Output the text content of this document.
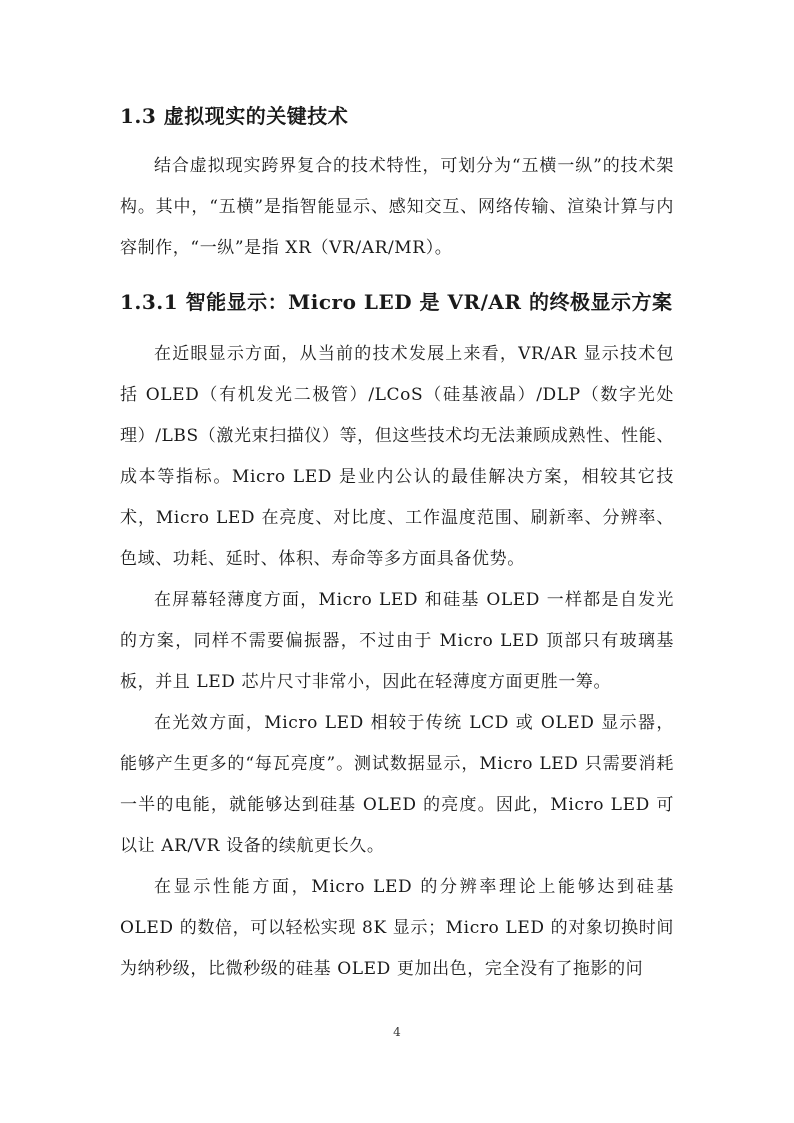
1.3 虚拟现实的关键技术

结合虚拟现实跨界复合的技术特性，可划分为“五横一纵”的技术架构。其中，“五横”是指智能显示、感知交互、网络传输、渲染计算与内容制作，“一纵”是指 XR（VR/AR/MR）。

1.3.1 智能显示：Micro LED 是 VR/AR 的终极显示方案

在近眼显示方面，从当前的技术发展上来看，VR/AR 显示技术包括 OLED（有机发光二极管）/LCoS（硅基液晶）/DLP（数字光处理）/LBS（激光束扫描仪）等，但这些技术均无法兼顾成熟性、性能、成本等指标。Micro LED 是业内公认的最佳解决方案，相较其它技术，Micro LED 在亮度、对比度、工作温度范围、刷新率、分辨率、色域、功耗、延时、体积、寿命等多方面具备优势。

在屏幕轻薄度方面，Micro LED 和硅基 OLED 一样都是自发光的方案，同样不需要偏振器，不过由于 Micro LED 顶部只有玻璃基板，并且 LED 芯片尺寸非常小，因此在轻薄度方面更胜一筹。

在光效方面，Micro LED 相较于传统 LCD 或 OLED 显示器，能够产生更多的“每瓦亮度”。测试数据显示，Micro LED 只需要消耗一半的电能，就能够达到硅基 OLED 的亮度。因此，Micro LED 可以让 AR/VR 设备的续航更长久。

在显示性能方面，Micro LED 的分辨率理论上能够达到硅基 OLED 的数倍，可以轻松实现 8K 显示；Micro LED 的对象切换时间为纳秒级，比微秒级的硅基 OLED 更加出色，完全没有了拖影的问

4
